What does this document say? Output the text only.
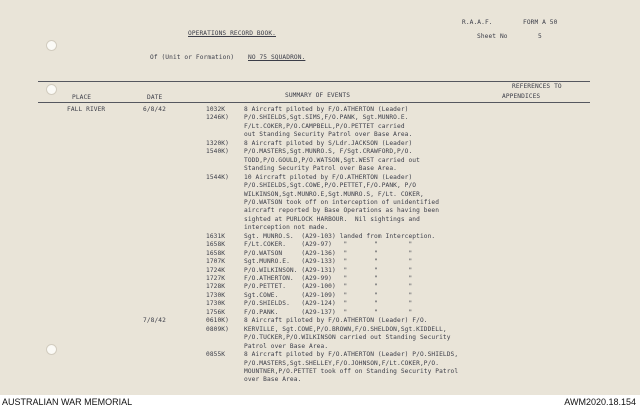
OPERATIONS RECORD BOOK.
R.A.A.F.	FORM A 50
Sheet No	5
Of (Unit or Formation) NO 75 SQUADRON.
PLACE	DATE	SUMMARY OF EVENTS
REFERENCES TO
APPENDICES
FALL RIVER	6/8/42	1032K	8 Aircraft piloted by F/O.ATHERTON (Leader)
1246K) P/O.SHIELDS,Sgt.SIMS,F/O.PANK, Sgt.MUNRO.E.
F/Lt.COKER,P/O.CAMPBELL,P/O.PETTET carried
out Standing Security Patrol over Base Area.
1320K) 8 Aircraft piloted by S/Ldr.JACKSON (Leader)
1540K) P/O.MASTERS,Sgt.MUNRO.S, F/Sgt.CRAWFORD,P/O.
TODD,P/O.GOULD,P/O.WATSON,Sgt.WEST carried out
Standing Security Patrol over Base Area.
1544K) 10 Aircraft piloted by F/O.ATHERTON (Leader)
P/O.SHIELDS,Sgt.COWE,P/O.PETTET,F/O.PANK, P/O
WILKINSON,Sgt.MUNRO.E,Sgt.MUNRO.S, F/Lt. COKER,
P/O.WATSON took off on interception of unidentified
aircraft reported by Base Operations as having been
sighted at PURLOCK HARBOUR.  Nil sightings and
interception not made.
1631K	Sgt. MUNRO.S.  (A29-103) landed from Interception.
1658K	F/Lt.COKER.    (A29-97)   "       "        "
1658K	P/O.WATSON     (A29-136)  "       "        "
1707K	Sgt.MUNRO.E.   (A29-133)  "       "        "
1724K	P/O.WILKINSON. (A29-131)  "       "        "
1727K	F/O.ATHERTON.  (A29-99)   "       "        "
1728K	P/O.PETTET.    (A29-100)  "       "        "
1730K	Sgt.COWE.      (A29-109)  "       "        "
1730K	P/O.SHIELDS.   (A29-124)  "       "        "
1756K	F/O.PANK.      (A29-137)  "       "        "
7/8/42	0610K) 8 Aircraft piloted by F/O.ATHERTON (Leader) F/O.
0809K) KERVILLE, Sgt.COWE,P/O.BROWN,F/O.SHELDON,Sgt.KIDDELL,
P/O.TUCKER,P/O.WILKINSON carried out Standing Security
Patrol over Base Area.
0855K	8 Aircraft piloted by F/O.ATHERTON (Leader) P/O.SHIELDS,
P/O.MASTERS,Sgt.SHELLEY,F/O.JOHNSON,F/Lt.COKER,P/O.
MOUNTNER,P/O.PETTET took off on Standing Security Patrol
over Base Area.
AUSTRALIAN WAR MEMORIAL	AWM2020.18.154
